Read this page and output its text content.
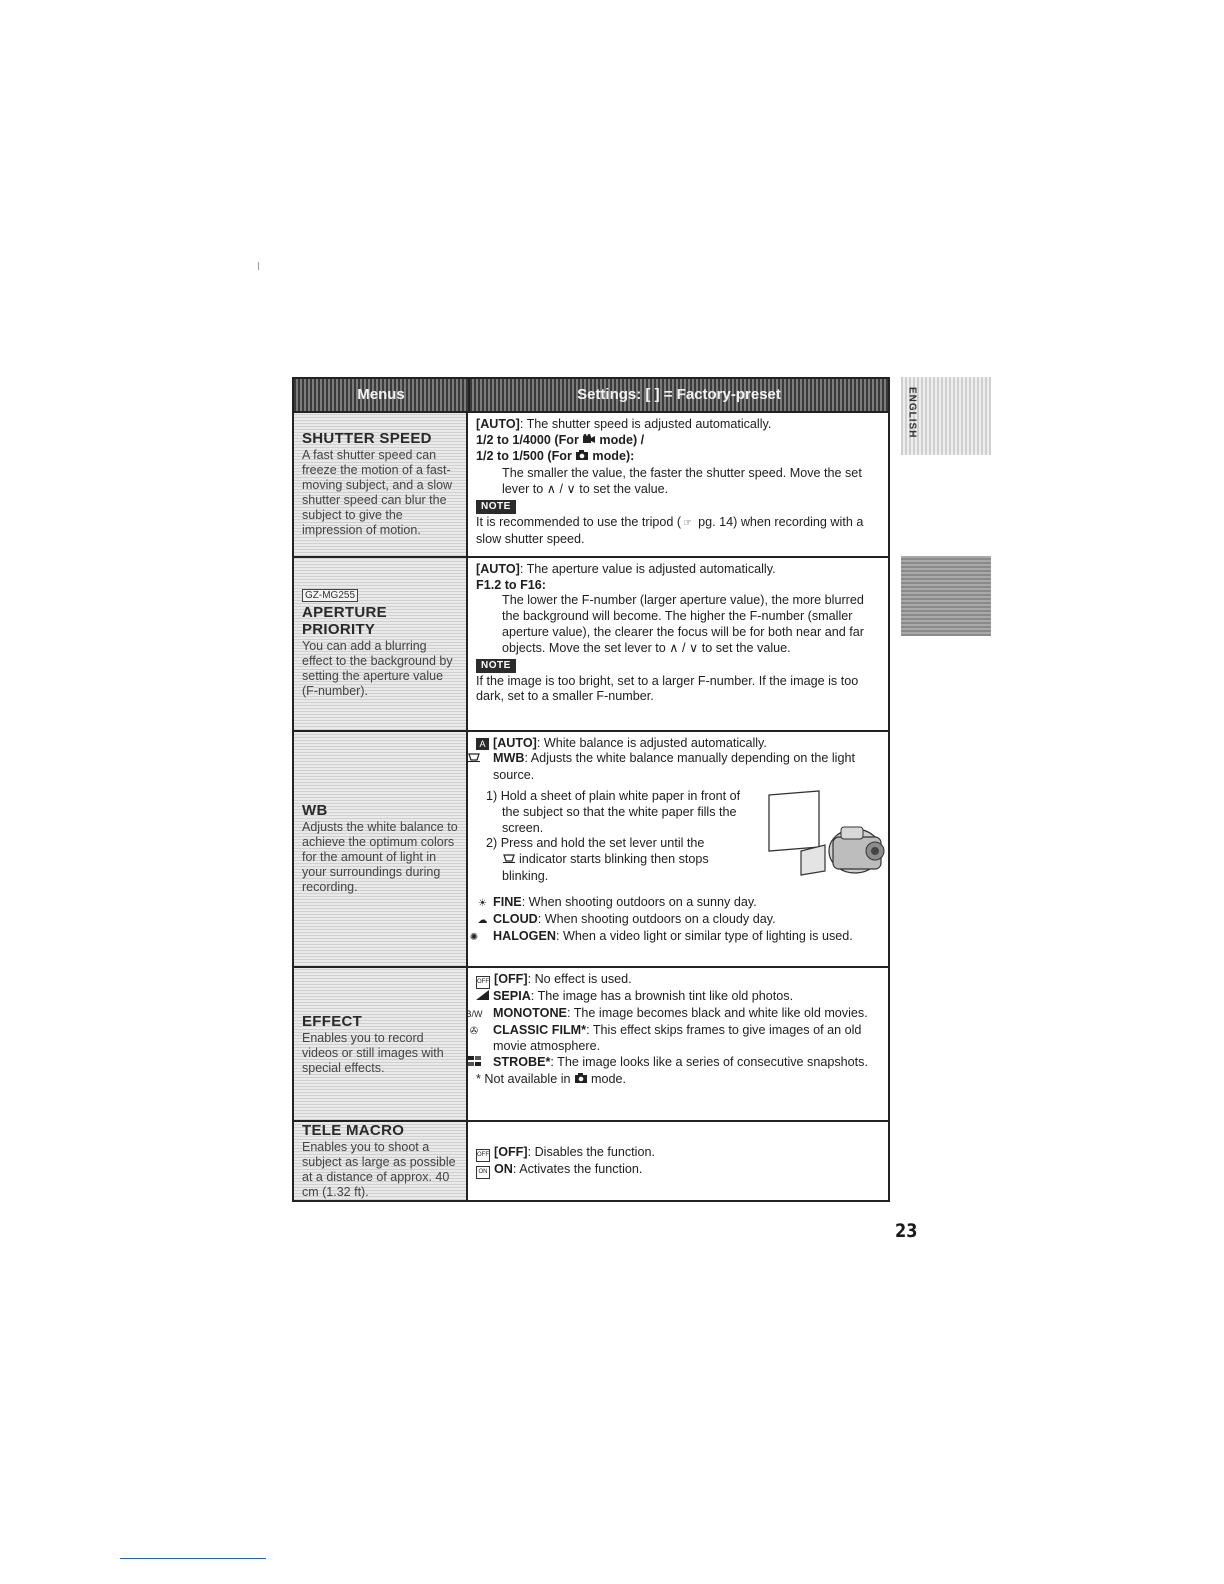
Menus	Settings: [ ] = Factory-preset
SHUTTER SPEED
A fast shutter speed can freeze the motion of a fast-moving subject, and a slow shutter speed can blur the subject to give the impression of motion.
[AUTO]: The shutter speed is adjusted automatically.
1/2 to 1/4000 (For mode) /
1/2 to 1/500 (For mode):
The smaller the value, the faster the shutter speed. Move the set lever to ∧ / ∨ to set the value.
NOTE
It is recommended to use the tripod ( ☞ pg. 14) when recording with a slow shutter speed.
GZ-MG255
APERTURE PRIORITY
You can add a blurring effect to the background by setting the aperture value (F-number).
[AUTO]: The aperture value is adjusted automatically.
F1.2 to F16:
The lower the F-number (larger aperture value), the more blurred the background will become. The higher the F-number (smaller aperture value), the clearer the focus will be for both near and far objects. Move the set lever to ∧ / ∨ to set the value.
NOTE
If the image is too bright, set to a larger F-number. If the image is too dark, set to a smaller F-number.
WB
Adjusts the white balance to achieve the optimum colors for the amount of light in your surroundings during recording.
A [AUTO]: White balance is adjusted automatically.
MWB: Adjusts the white balance manually depending on the light source.
1) Hold a sheet of plain white paper in front of the subject so that the white paper fills the screen.
2) Press and hold the set lever until the
indicator starts blinking then stops blinking.
☀ FINE: When shooting outdoors on a sunny day.
☁ CLOUD: When shooting outdoors on a cloudy day.
✺ HALOGEN: When a video light or similar type of lighting is used.
EFFECT
Enables you to record videos or still images with special effects.
OFF [OFF]: No effect is used.
SEPIA: The image has a brownish tint like old photos.
B/W MONOTONE: The image becomes black and white like old movies.
✇ CLASSIC FILM*: This effect skips frames to give images of an old movie atmosphere.
STROBE*: The image looks like a series of consecutive snapshots.
* Not available in mode.
TELE MACRO
Enables you to shoot a subject as large as possible at a distance of approx. 40 cm (1.32 ft).
OFF [OFF]: Disables the function.
ON ON: Activates the function.
ENGLISH
23
